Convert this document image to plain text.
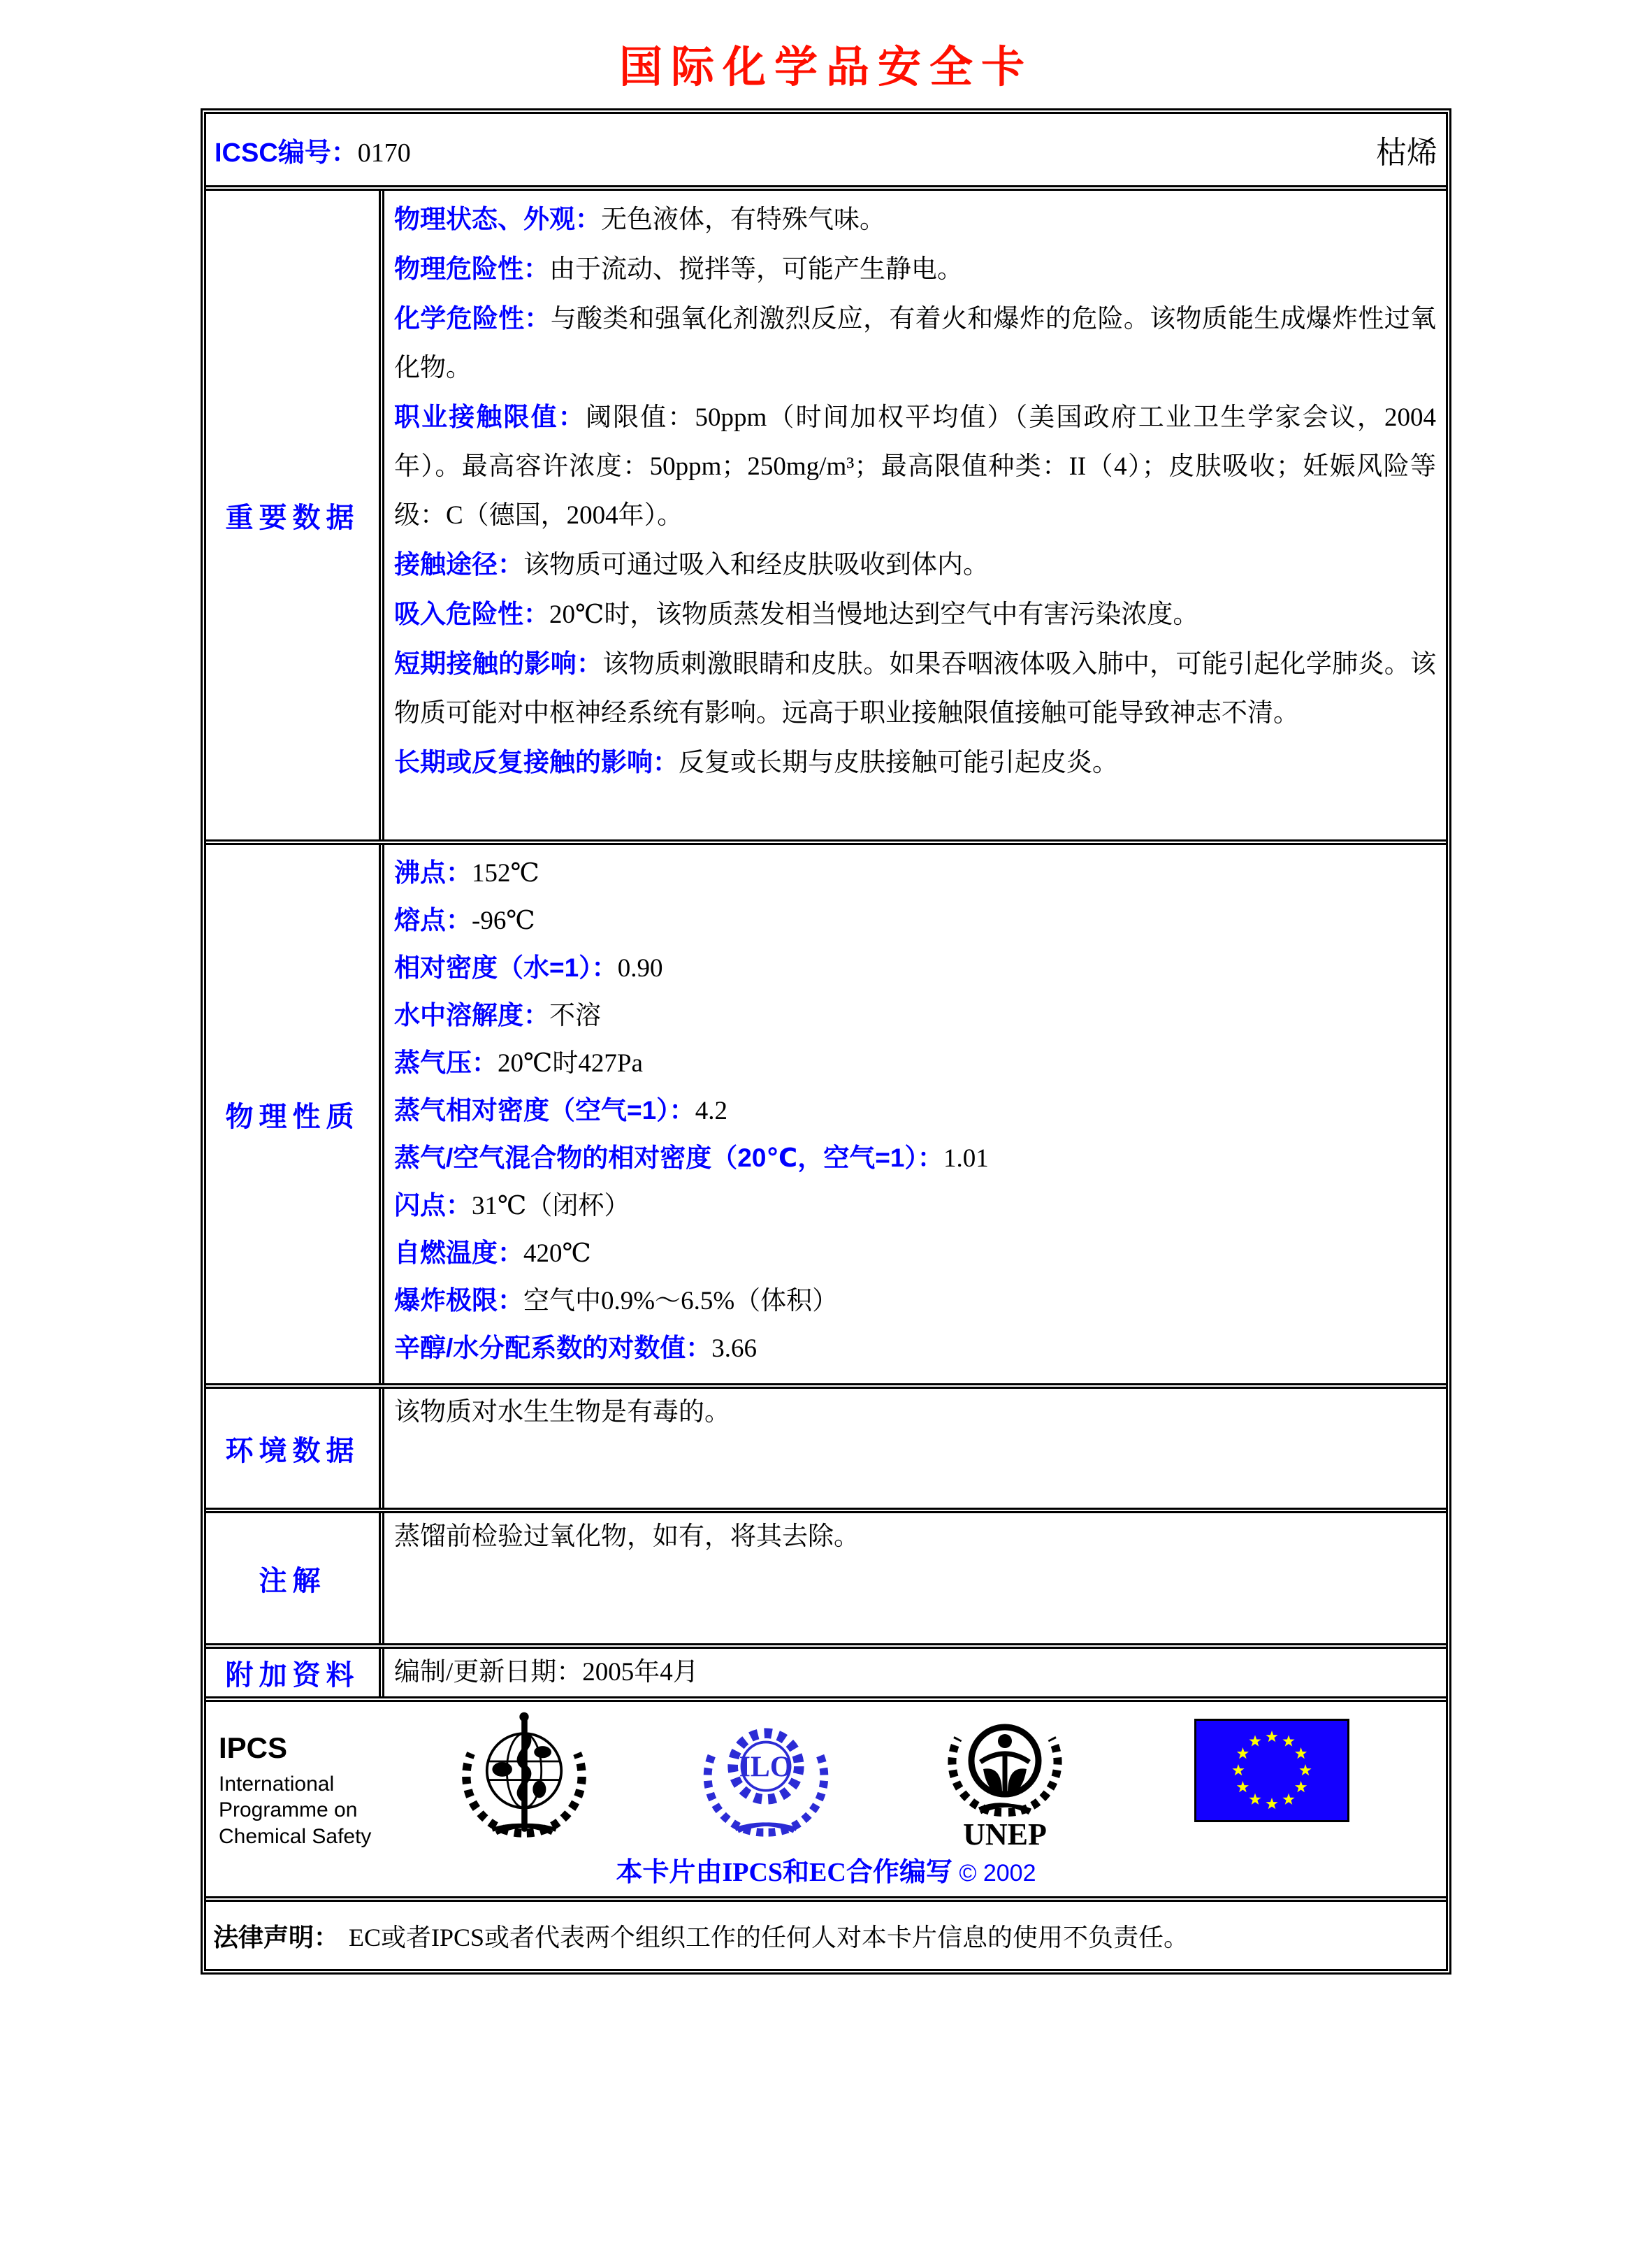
国际化学品安全卡
ICSC编号：0170	枯烯
重要数据

物理状态、外观：无色液体，有特殊气味。

物理危险性：由于流动、搅拌等，可能产生静电。

化学危险性：与酸类和强氧化剂激烈反应，有着火和爆炸的危险。该物质能生成爆炸性过氧化物。

职业接触限值：阈限值：50ppm（时间加权平均值）（美国政府工业卫生学家会议，2004年）。最高容许浓度：50ppm；250mg/m³；最高限值种类：II（4）；皮肤吸收；妊娠风险等级：C（德国，2004年）。

接触途径：该物质可通过吸入和经皮肤吸收到体内。

吸入危险性：20℃时，该物质蒸发相当慢地达到空气中有害污染浓度。

短期接触的影响：该物质刺激眼睛和皮肤。如果吞咽液体吸入肺中，可能引起化学肺炎。该物质可能对中枢神经系统有影响。远高于职业接触限值接触可能导致神志不清。

长期或反复接触的影响：反复或长期与皮肤接触可能引起皮炎。

物理性质

沸点：152℃

熔点：-96℃

相对密度（水=1）：0.90

水中溶解度：不溶

蒸气压：20℃时427Pa

蒸气相对密度（空气=1）：4.2

蒸气/空气混合物的相对密度（20℃，空气=1）：1.01

闪点：31℃（闭杯）

自燃温度：420℃

爆炸极限：空气中0.9%～6.5%（体积）

辛醇/水分配系数的对数值：3.66

环境数据

该物质对水生生物是有毒的。

注解

蒸馏前检验过氧化物，如有，将其去除。

附加资料	编制/更新日期：2005年4月

IPCS
International
Programme on
Chemical Safety
ILO
UNEP
本卡片由IPCS和EC合作编写 © 2002
法律声明： EC或者IPCS或者代表两个组织工作的任何人对本卡片信息的使用不负责任。
